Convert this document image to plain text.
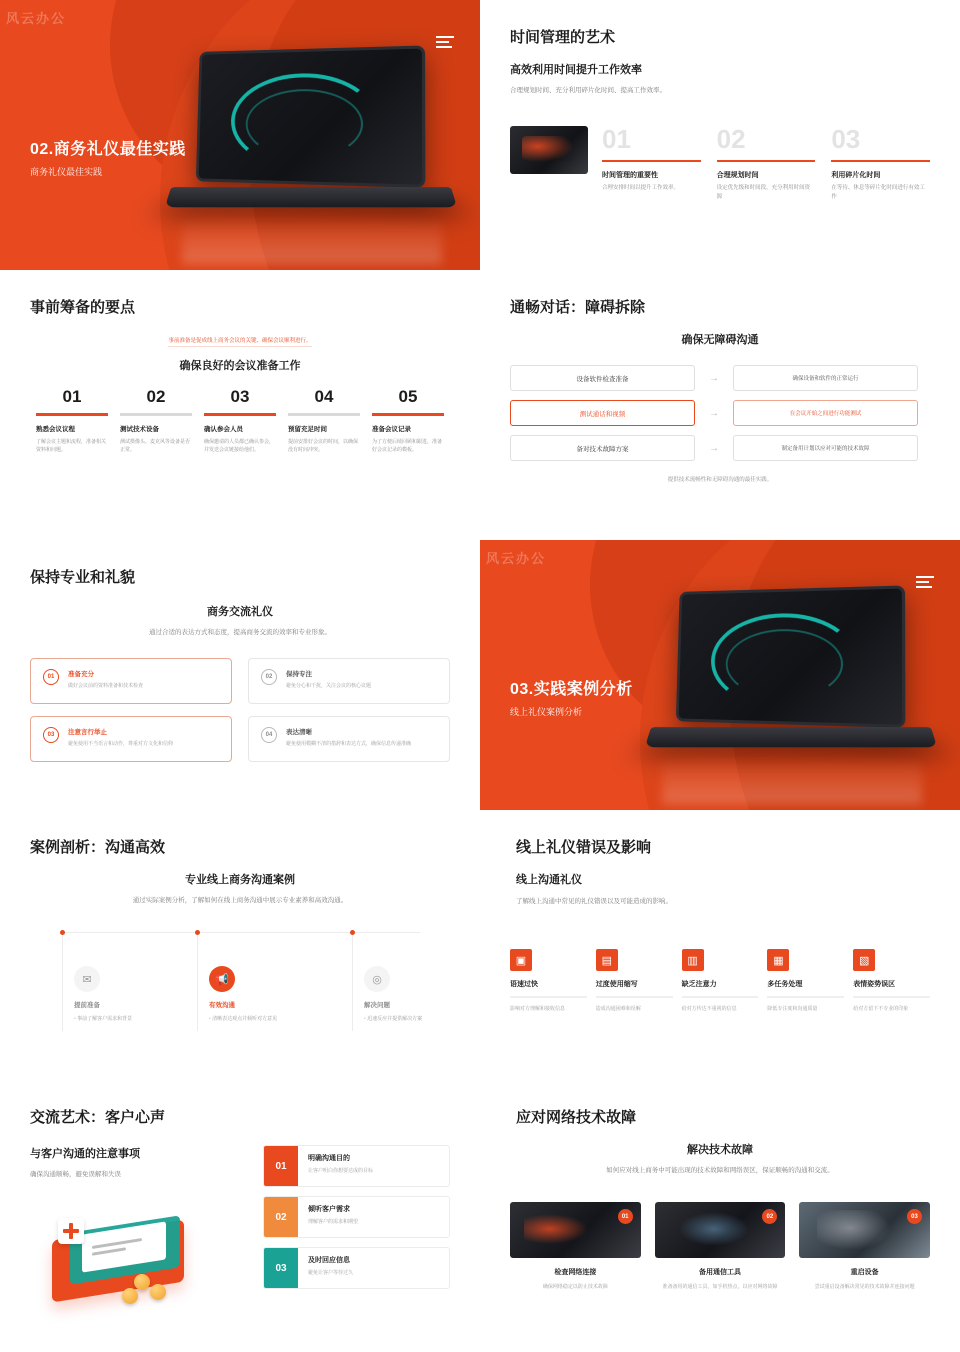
风云办公
02.商务礼仪最佳实践
商务礼仪最佳实践
时间管理的艺术
高效利用时间提升工作效率
合理规划时间、充分利用碎片化时间、提高工作效率。
01
时间管理的重要性
合理安排时间以提升工作效率。
02
合理规划时间
设定优先级和时间段，充分利用时间资源
03
利用碎片化时间
在等待、休息等碎片化时间进行有效工作
事前筹备的要点
事前准备是促成线上商务会议的关键、确保会议顺利进行。
确保良好的会议准备工作
01
熟悉会议议程
了解会议主题和流程，准备相关资料和问题。
02
测试技术设备
测试摄像头、麦克风等设备是否正常。
03
确认参会人员
确保邀请的人员都已确认参会，并发送会议链接给他们。
04
预留充足时间
提前安排好会议的时间，以确保没有时间冲突。
05
准备会议记录
为了方便后续回顾和跟进，准备好会议记录的模板。
通畅对话：障碍拆除
确保无障碍沟通
设备软件检查准备	→	确保设备和软件的正常运行
测试通话和视频	→	在会议开始之间进行功能测试
备对技术故障方案	→	制定备用计划以应对可能的技术故障
提供技术流畅性和无障碍沟通的最佳实践。
保持专业和礼貌
商务交流礼仪
通过合适的表达方式和态度，提高商务交流的效率和专业形象。
01	准备充分
做好会议前的资料准备和技术检查
02	保持专注
避免分心和干扰，关注会议的核心议题
03	注意言行举止
避免使用不当语言和动作，尊重对方文化和信仰
04	表达清晰
避免使用模糊不清的措辞和表达方式，确保信息传递准确
风云办公
03.实践案例分析
线上礼仪案例分析
案例剖析：沟通高效
专业线上商务沟通案例
通过实际案例分析，了解如何在线上商务沟通中展示专业素养和高效沟通。
✉
提前准备
• 事前了解客户需求和背景
📢
有效沟通
• 清晰表达观点并倾听对方意见
◎
解决问题
• 迅速反应并提供解决方案
线上礼仪错误及影响
线上沟通礼仪
了解线上沟通中常见的礼仪错误以及可能造成的影响。
▣
语速过快
影响对方理解和接收信息
▤
过度使用缩写
造成沟通困难和误解
▥
缺乏注意力
给对方传达不重视的信息
▦
多任务处理
降低专注度和沟通质量
▧
表情姿势误区
给对方留下不专业的印象
交流艺术：客户心声
与客户沟通的注意事项
确保沟通顺畅，避免误解和失误
01
明确沟通目的
让客户明白你想要达成的目标
02
倾听客户需求
理解客户的需求和期望
03
及时回应信息
避免让客户等待过久
应对网络技术故障
解决技术故障
如何应对线上商务中可能出现的技术故障和网络误区，保证顺畅的沟通和交流。
01
检查网络连接
确保网络稳定以防止技术故障
02
备用通信工具
准备备用的通信工具，如手机热点，以应对网络故障
03
重启设备
尝试重启设备解决常见的技术故障并连接问题
